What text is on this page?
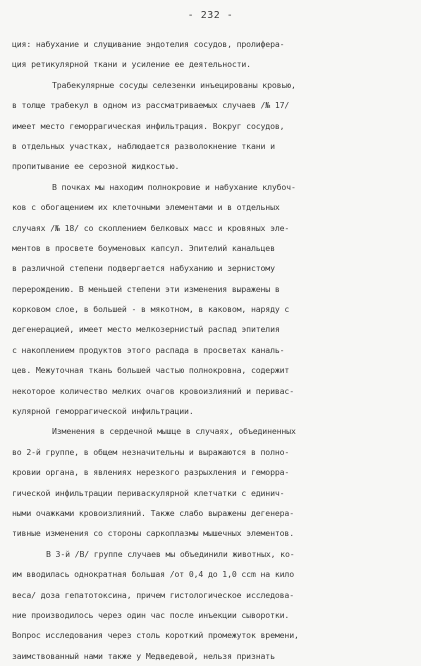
- 232 -
ция: набухание и слущивание эндотелия сосудов, пролифера-
ция ретикулярной ткани и усиление ее деятельности.
Трабекулярные сосуды селезенки инъецированы кровью,
в толще трабекул в одном из рассматриваемых случаев /№ 17/
имеет место геморрагическая инфильтрация. Вокруг сосудов,
в отдельных участках, наблюдается разволокнение ткани и
пропитывание ее серозной жидкостью.
В почках мы находим полнокровие и набухание клубоч-
ков с обогащением их клеточными элементами и в отдельных
случаях /№ 18/ со скоплением белковых масс и кровяных эле-
ментов в просвете боуменовых капсул. Эпителий канальцев
в различной степени подвергается набуханию и зернистому
перерождению. В меньшей степени эти изменения выражены в
корковом слое, в большей - в мякотном, в каковом, наряду с
дегенерацией, имеет место мелкозернистый распад эпителия
с накоплением продуктов этого распада в просветах каналь-
цев. Межуточная ткань большей частью полнокровна, содержит
некоторое количество мелких очагов кровоизлияний и перивас-
кулярной геморрагической инфильтрации.
Изменения в сердечной мышце в случаях, объединенных
во 2-й группе, в общем незначительны и выражаются в полно-
кровии органа, в явлениях нерезкого разрыхления и геморра-
гической инфильтрации периваскулярной клетчатки с единич-
ными очажками кровоизлияний. Также слабо выражены дегенера-
тивные изменения со стороны саркоплазмы мышечных элементов.
В 3-й /В/ группе случаев мы объединили животных, ко-
им вводилась однократная большая /от 0,4 до 1,0 ccm на кило
веса/ доза гепатотоксина, причем гистологическое исследова-
ние производилось через один час после инъекции сыворотки.
Вопрос исследования через столь короткий промежуток времени,
заимствованный нами также у Медведевой, нельзя признать
